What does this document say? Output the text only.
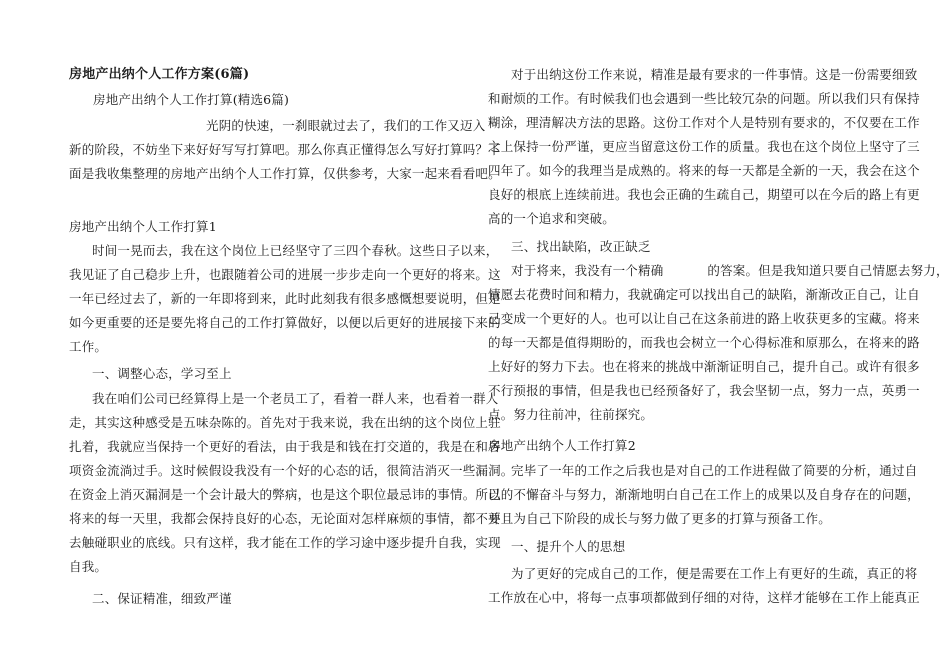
房地产出纳个人工作方案(6篇)
房地产出纳个人工作打算(精选6篇)
光阴的快速，一刹眼就过去了，我们的工作又迈入
新的阶段，不妨坐下来好好写写打算吧。那么你真正懂得怎么写好打算吗？下
面是我收集整理的房地产出纳个人工作打算，仅供参考，大家一起来看看吧。
房地产出纳个人工作打算1
时间一晃而去，我在这个岗位上已经坚守了三四个春秋。这些日子以来，
我见证了自己稳步上升，也跟随着公司的进展一步步走向一个更好的将来。这
一年已经过去了，新的一年即将到来，此时此刻我有很多感慨想要说明，但是
如今更重要的还是要先将自己的工作打算做好，以便以后更好的进展接下来的
工作。
一、调整心态，学习至上
我在咱们公司已经算得上是一个老员工了，看着一群人来，也看着一群人
走，其实这种感受是五味杂陈的。首先对于我来说，我在出纳的这个岗位上驻
扎着，我就应当保持一个更好的看法，由于我是和钱在打交道的，我是在和各
项资金流淌过手。这时候假设我没有一个好的心态的话，很简洁消灭一些漏洞。
在资金上消灭漏洞是一个会计最大的弊病，也是这个职位最忌讳的事情。所以
将来的每一天里，我都会保持良好的心态，无论面对怎样麻烦的事情，都不要
去触碰职业的底线。只有这样，我才能在工作的学习途中逐步提升自我，实现
自我。
二、保证精准，细致严谨
对于出纳这份工作来说，精准是最有要求的一件事情。这是一份需要细致
和耐烦的工作。有时候我们也会遇到一些比较冗杂的问题。所以我们只有保持
糊涂，理清解决方法的思路。这份工作对个人是特别有要求的，不仅要在工作
之上保持一份严谨，更应当留意这份工作的质量。我也在这个岗位上坚守了三
四年了。如今的我理当是成熟的。将来的每一天都是全新的一天，我会在这个
良好的根底上连续前进。我也会正确的生疏自己，期望可以在今后的路上有更
高的一个追求和突破。
三、找出缺陷，改正缺乏
对于将来，我没有一个精确	的答案。但是我知道只要自己情愿去努力，
情愿去花费时间和精力，我就确定可以找出自己的缺陷，渐渐改正自己，让自
己变成一个更好的人。也可以让自己在这条前进的路上收获更多的宝藏。将来
的每一天都是值得期盼的，而我也会树立一个心得标准和原那么，在将来的路
上好好的努力下去。也在将来的挑战中渐渐证明自己，提升自己。或许有很多
不行预报的事情，但是我也已经预备好了，我会坚韧一点，努力一点，英勇一
点。努力往前冲，往前探究。
房地产出纳个人工作打算2
完毕了一年的工作之后我也是对自己的工作进程做了简要的分析，通过自
己的不懈奋斗与努力，渐渐地明白自己在工作上的成果以及自身存在的问题，
并且为自己下阶段的成长与努力做了更多的打算与预备工作。
一、提升个人的思想
为了更好的完成自己的工作，便是需要在工作上有更好的生疏，真正的将
工作放在心中，将每一点事项都做到仔细的对待，这样才能够在工作上能真正
